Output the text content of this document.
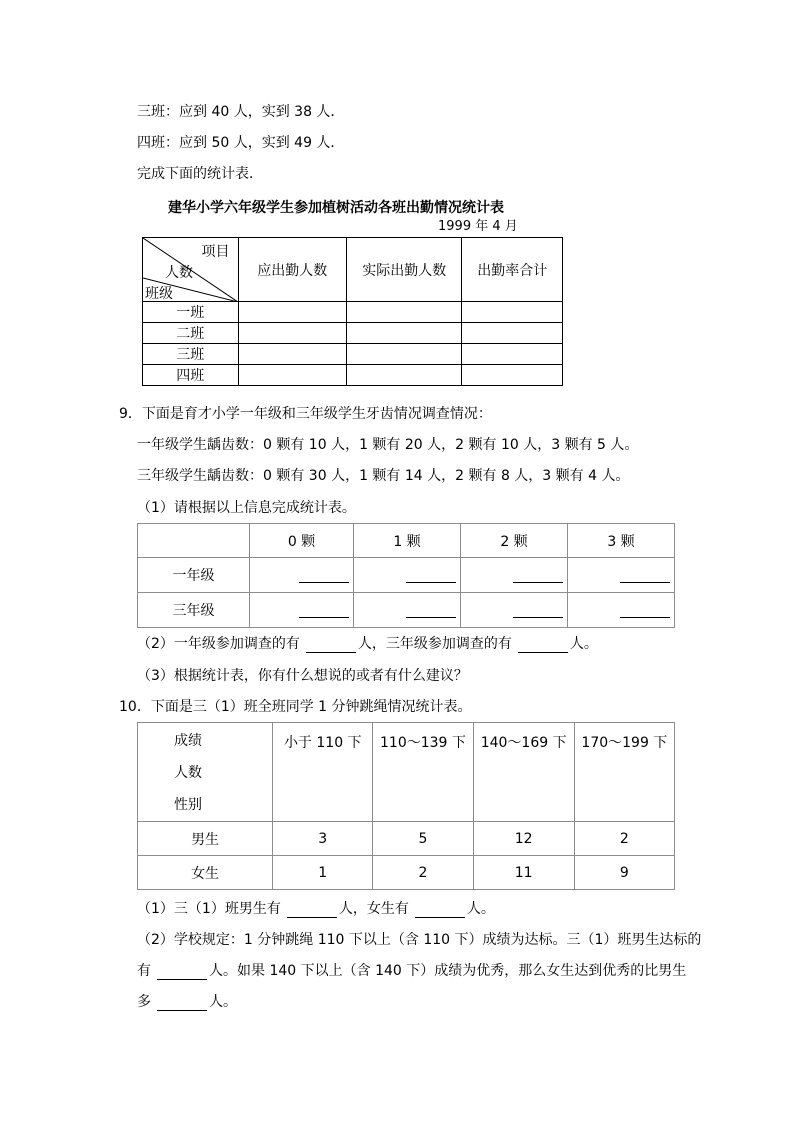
三班：应到 40 人，实到 38 人．
四班：应到 50 人，实到 49 人．
完成下面的统计表．
建华小学六年级学生参加植树活动各班出勤情况统计表
1999 年 4 月
项目
人数
班级	应出勤人数	实际出勤人数	出勤率合计
一班			
二班			
三班			
四班			
9．下面是育才小学一年级和三年级学生牙齿情况调查情况：
一年级学生龋齿数：0 颗有 10 人，1 颗有 20 人，2 颗有 10 人，3 颗有 5 人。
三年级学生龋齿数：0 颗有 30 人，1 颗有 14 人，2 颗有 8 人，3 颗有 4 人。
（1）请根据以上信息完成统计表。
	0 颗	1 颗	2 颗	3 颗
一年级				
三年级				
（2）一年级参加调查的有	人，三年级参加调查的有	人。
（3）根据统计表，你有什么想说的或者有什么建议？
10．下面是三（1）班全班同学 1 分钟跳绳情况统计表。
成绩
人数
性别	小于 110 下	110～139 下	140～169 下	170～199 下
男生	3	5	12	2
女生	1	2	11	9
（1）三（1）班男生有	人，女生有	人。
（2）学校规定：1 分钟跳绳 110 下以上（含 110 下）成绩为达标。三（1）班男生达标的
有	人。如果 140 下以上（含 140 下）成绩为优秀，那么女生达到优秀的比男生
多	人。
